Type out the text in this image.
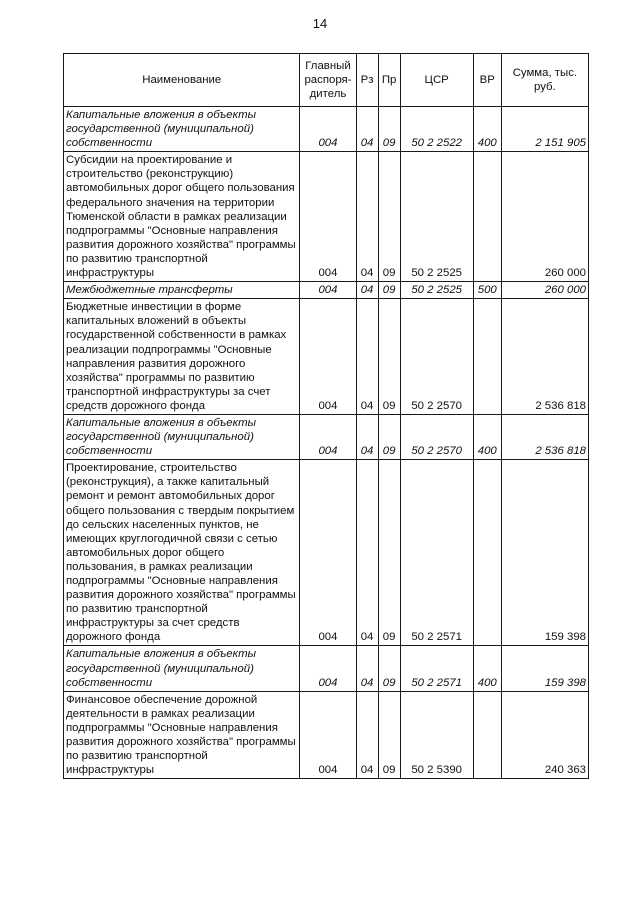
14
Наименование	Главный распоря-дитель	Рз	Пр	ЦСР	ВР	Сумма, тыс. руб.
Капитальные вложения в объекты государственной (муниципальной) собственности	004	04	09	50 2 2522	400	2 151 905
Субсидии на проектирование и строительство (реконструкцию) автомобильных дорог общего пользования федерального значения на территории Тюменской области в рамках реализации подпрограммы "Основные направления развития дорожного хозяйства" программы по развитию транспортной инфраструктуры	004	04	09	50 2 2525		260 000
Межбюджетные трансферты	004	04	09	50 2 2525	500	260 000
Бюджетные инвестиции в форме капитальных вложений в объекты государственной собственности в рамках реализации подпрограммы "Основные направления развития дорожного хозяйства" программы по развитию транспортной инфраструктуры за счет средств дорожного фонда	004	04	09	50 2 2570		2 536 818
Капитальные вложения в объекты государственной (муниципальной) собственности	004	04	09	50 2 2570	400	2 536 818
Проектирование, строительство (реконструкция), а также капитальный ремонт и ремонт автомобильных дорог общего пользования с твердым покрытием до сельских населенных пунктов, не имеющих круглогодичной связи с сетью автомобильных дорог общего пользования, в рамках реализации подпрограммы "Основные направления развития дорожного хозяйства" программы по развитию транспортной инфраструктуры за счет средств дорожного фонда	004	04	09	50 2 2571		159 398
Капитальные вложения в объекты государственной (муниципальной) собственности	004	04	09	50 2 2571	400	159 398
Финансовое обеспечение дорожной деятельности в рамках реализации подпрограммы "Основные направления развития дорожного хозяйства" программы по развитию транспортной инфраструктуры	004	04	09	50 2 5390		240 363
